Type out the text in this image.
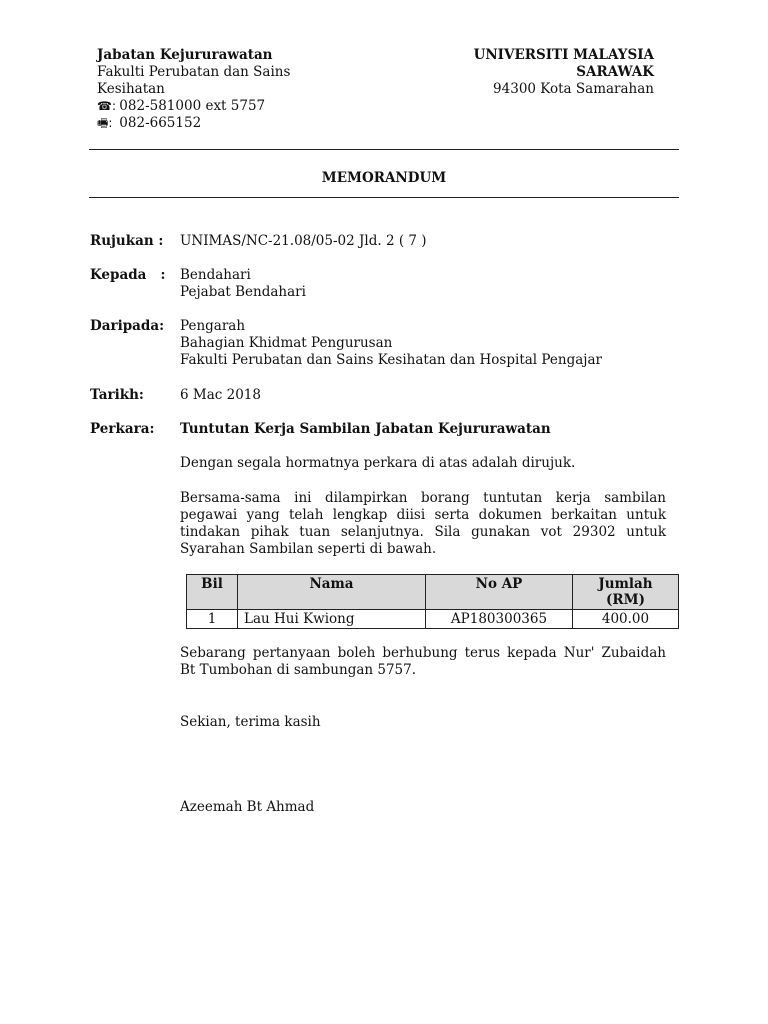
Jabatan Kejururawatan
Fakulti Perubatan dan Sains
Kesihatan
☎: 082-581000 ext 5757
🖷: 082-665152
UNIVERSITI MALAYSIA
SARAWAK
94300 Kota Samarahan
MEMORANDUM
Rujukan : UNIMAS/NC-21.08/05-02 Jld. 2 ( 7 )
Kepada   : Bendahari
Pejabat Bendahari
Daripada: Pengarah
Bahagian Khidmat Pengurusan
Fakulti Perubatan dan Sains Kesihatan dan Hospital Pengajar
Tarikh:	6 Mac 2018
Perkara: Tuntutan Kerja Sambilan Jabatan Kejururawatan
Dengan segala hormatnya perkara di atas adalah dirujuk.
Bersama-sama ini dilampirkan borang tuntutan kerja sambilan pegawai yang telah lengkap diisi serta dokumen berkaitan untuk tindakan pihak tuan selanjutnya. Sila gunakan vot 29302 untuk Syarahan Sambilan seperti di bawah.
Bil	Nama	No AP	Jumlah
(RM)

1	Lau Hui Kwiong	AP180300365	400.00
Sebarang pertanyaan boleh berhubung terus kepada Nur' Zubaidah Bt Tumbohan di sambungan 5757.
Sekian, terima kasih
Azeemah Bt Ahmad
